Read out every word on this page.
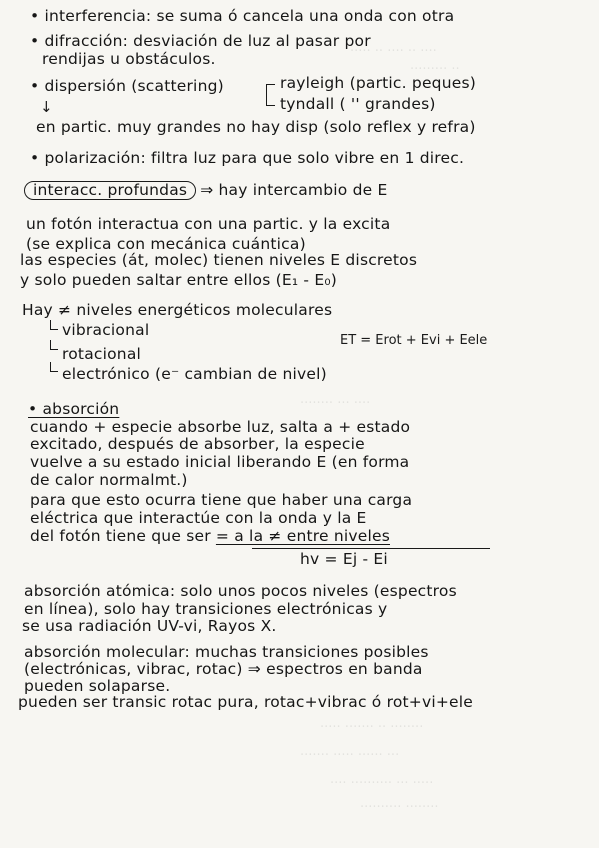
···· ·· ···· ·· ·····
·· ·········
···· ··· ········
········ ·· ······· ·····
··· ······ ····· ·······
····· ··· ·········· ····
········ ··········
• interferencia: se suma ó cancela una onda con otra
• difracción: desviación de luz al pasar por
rendijas u obstáculos.
• dispersión (scattering)	rayleigh (partic. peques)
tyndall ( '' grandes)
↓
en partic. muy grandes no hay disp (solo reflex y refra)
• polarización: filtra luz para que solo vibre en 1 direc.
interacc. profundas ⇒ hay intercambio de E
un fotón interactua con una partic. y la excita
(se explica con mecánica cuántica)
las especies (át, molec) tienen niveles E discretos
y solo pueden saltar entre ellos (E₁ - E₀)
Hay ≠ niveles energéticos moleculares
vibracional
rotacional
electrónico (e⁻ cambian de nivel)
ET = Erot + Evi + Eele
• absorción
cuando + especie absorbe luz, salta a + estado
excitado, después de absorber, la especie
vuelve a su estado inicial liberando E (en forma
de calor normalmt.)
para que esto ocurra tiene que haber una carga
eléctrica que interactúe con la onda y la E
del fotón tiene que ser = a la ≠ entre niveles
hv = Ej - Ei
absorción atómica: solo unos pocos niveles (espectros
en línea), solo hay transiciones electrónicas y
se usa radiación UV-vi, Rayos X.
absorción molecular: muchas transiciones posibles
(electrónicas, vibrac, rotac) ⇒ espectros en banda
pueden solaparse.
pueden ser transic rotac pura, rotac+vibrac ó rot+vi+ele
